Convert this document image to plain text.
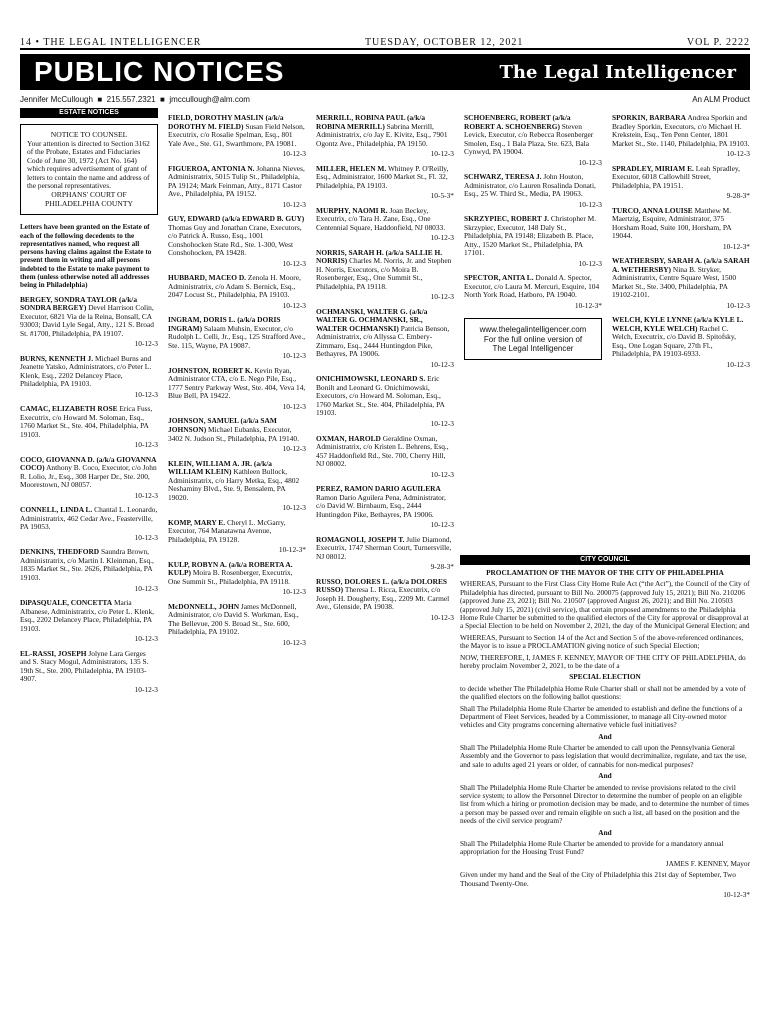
14 • THE LEGAL INTELLIGENCER	TUESDAY, OCTOBER 12, 2021	VOL P. 2222
PUBLIC NOTICES	The Legal Intelligencer
Jennifer McCullough  ■  215.557.2321  ■  jmccullough@alm.com	An ALM Product
ESTATE NOTICES
NOTICE TO COUNSEL
Your attention is directed to Section 3162 of the Probate, Estates and Fiduciaries Code of June 30, 1972 (Act No. 164) which requires advertisement of grant of letters to contain the name and address of the personal representatives.
ORPHANS' COURT OF PHILADELPHIA COUNTY
Letters have been granted on the Estate of each of the following decedents to the representatives named, who request all persons having claims against the Estate to present them in writing and all persons indebted to the Estate to make payment to them (unless otherwise noted all addresses being in Philadelphia)
BERGEY, SONDRA TAYLOR (a/k/a SONDRA BERGEY) Devel Harrison Colin, Executor, 6821 Via de la Reina, Bonsall, CA 93003; David Lyle Segal, Atty., 121 S. Broad St. #1700, Philadelphia, PA 19107.
10-12-3
BURNS, KENNETH J. Michael Burns and Jeanette Yatsko, Administrators, c/o Peter L. Klenk, Esq., 2202 Delancey Place, Philadelphia, PA 19103.
10-12-3
CAMAC, ELIZABETH ROSE Erica Fuss, Executrix, c/o Howard M. Soloman, Esq., 1760 Market St., Ste. 404, Philadelphia, PA 19103.
10-12-3
COCO, GIOVANNA D. (a/k/a GIOVANNA COCO) Anthony B. Coco, Executor, c/o John R. Lolio, Jr., Esq., 308 Harper Dr., Ste. 200, Moorestown, NJ 08057.
10-12-3
CONNELL, LINDA L. Chantal L. Leonardo, Administratrix, 462 Cedar Ave., Feasterville, PA 19053.
10-12-3
DENKINS, THEDFORD Saundra Brown, Administratrix, c/o Martin I. Kleinman, Esq., 1835 Market St., Ste. 2626, Philadelphia, PA 19103.
10-12-3
DiPASQUALE, CONCETTA Maria Albanese, Administratrix, c/o Peter L. Klenk, Esq., 2202 Delancey Place, Philadelphia, PA 19103.
10-12-3
EL-RASSI, JOSEPH Jolyne Lara Gerges and S. Stacy Mogul, Administrators, 135 S. 19th St., Ste. 200, Philadelphia, PA 19103-4907.
10-12-3
FIELD, DOROTHY MASLIN (a/k/a DOROTHY M. FIELD) Susan Field Nelson, Executrix, c/o Rosalie Spelman, Esq., 801 Yale Ave., Ste. G1, Swarthmore, PA 19081.
10-12-3
FIGUEROA, ANTONIA N. Johanna Nieves, Administratrix, 5015 Tulip St., Philadelphia, PA 19124; Mark Feinman, Atty., 8171 Castor Ave., Philadelphia, PA 19152.
10-12-3
GUY, EDWARD (a/k/a EDWARD B. GUY) Thomas Guy and Jonathan Crane, Executors, c/o Patrick A. Russo, Esq., 1001 Conshohocken State Rd., Ste. 1-300, West Conshohocken, PA 19428.
10-12-3
HUBBARD, MACEO D. Zenola H. Moore, Administratrix, c/o Adam S. Bernick, Esq., 2047 Locust St., Philadelphia, PA 19103.
10-12-3
INGRAM, DORIS L. (a/k/a DORIS INGRAM) Salaam Muhsin, Executor, c/o Rudolph L. Celli, Jr., Esq., 125 Strafford Ave., Ste. 115, Wayne, PA 19087.
10-12-3
JOHNSTON, ROBERT K. Kevin Ryan, Administrator CTA, c/o E. Nego Pile, Esq., 1777 Sentry Parkway West, Ste. 404, Veva 14, Blue Bell, PA 19422.
10-12-3
JOHNSON, SAMUEL (a/k/a SAM JOHNSON) Michael Eubanks, Executor, 3402 N. Judson St., Philadelphia, PA 19140.
10-12-3
KLEIN, WILLIAM A. JR. (a/k/a WILLIAM KLEIN) Kathleen Bullock, Administratrix, c/o Harry Metka, Esq., 4802 Neshaminy Blvd., Ste. 9, Bensalem, PA 19020.
10-12-3
KOMP, MARY E. Cheryl L. McGarry, Executor, 764 Manatawna Avenue, Philadelphia, PA 19128.
10-12-3*
KULP, ROBYN A. (a/k/a ROBERTA A. KULP) Moira B. Rosenberger, Executrix, One Summit St., Philadelphia, PA 19118.
10-12-3
McDONNELL, JOHN James McDonnell, Administrator, c/o David S. Workman, Esq., The Bellevue, 200 S. Broad St., Ste. 600, Philadelphia, PA 19102.
10-12-3
MERRILL, ROBINA PAUL (a/k/a ROBINA MERRILL) Sabrina Merrill, Administratrix, c/o Jay E. Kivitz, Esq., 7901 Ogontz Ave., Philadelphia, PA 19150.
10-12-3
MILLER, HELEN M. Whitney P. O'Reilly, Esq., Administrator, 1600 Market St., Fl. 32, Philadelphia, PA 19103.
10-5-3*
MURPHY, NAOMI R. Joan Beckey, Executrix, c/o Tara H. Zane, Esq., One Centennial Square, Haddonfield, NJ 08033.
10-12-3
NORRIS, SARAH H. (a/k/a SALLIE H. NORRIS) Charles M. Norris, Jr. and Stephen H. Norris, Executors, c/o Moira B. Rosenberger, Esq., One Summit St., Philadelphia, PA 19118.
10-12-3
OCHMANSKI, WALTER G. (a/k/a WALTER G. OCHMANSKI, SR., WALTER OCHMANSKI) Patricia Benson, Administratrix, c/o Allyssa C. Embery-Zimmaro, Esq., 2444 Huntingdon Pike, Bethayres, PA 19006.
10-12-3
ONICHIMOWSKI, LEONARD S. Eric Bonilt and Leonard G. Onichimowski, Executors, c/o Howard M. Soloman, Esq., 1760 Market St., Ste. 404, Philadelphia, PA 19103.
10-12-3
OXMAN, HAROLD Geraldine Oxman, Administratrix, c/o Kristen L. Behrens, Esq., 457 Haddonfield Rd., Ste. 700, Cherry Hill, NJ 08002.
10-12-3
PEREZ, RAMON DARIO AGUILERA Ramon Dario Aguilera Pena, Administrator, c/o David W. Birnbaum, Esq., 2444 Huntingdon Pike, Bethayres, PA 19006.
10-12-3
ROMAGNOLI, JOSEPH T. Julie Diamond, Executrix, 1747 Sherman Court, Turnersville, NJ 08012.
9-28-3*
RUSSO, DOLORES L. (a/k/a DOLORES RUSSO) Theresa L. Ricca, Executrix, c/o Joseph H. Dougherty, Esq., 2209 Mt. Carmel Ave., Glenside, PA 19038.
10-12-3
SCHOENBERG, ROBERT (a/k/a ROBERT A. SCHOENBERG) Steven Levick, Executor, c/o Rebecca Rosenberger Smolen, Esq., 1 Bala Plaza, Ste. 623, Bala Cynwyd, PA 19004.
10-12-3
SCHWARZ, TERESA J. John Houton, Administrator, c/o Lauren Rosalinda Donati, Esq., 25 W. Third St., Media, PA 19063.
10-12-3
SKRZYPIEC, ROBERT J. Christopher M. Skrzypiec, Executor, 148 Daly St., Philadelphia, PA 19148; Elizabeth B. Place, Atty., 1520 Market St., Philadelphia, PA 17101.
10-12-3
SPECTOR, ANITA L. Donald A. Spector, Executor, c/o Laura M. Mercuri, Esquire, 104 North York Road, Hatboro, PA 19040.
10-12-3*
www.thelegalintelligencer.com
For the full online version of
The Legal Intelligencer
SPORKIN, BARBARA Andrea Sporkin and Bradley Sporkin, Executors, c/o Michael H. Krekstein, Esq., Ten Penn Center, 1801 Market St., Ste. 1140, Philadelphia, PA 19103.
10-12-3
SPRADLEY, MIRIAM E. Leah Spradley, Executor, 6018 Callowhill Street, Philadelphia, PA 19151.
9-28-3*
TURCO, ANNA LOUISE Matthew M. Maertzig, Esquire, Administrator, 375 Horsham Road, Suite 100, Horsham, PA 19044.
10-12-3*
WEATHERSBY, SARAH A. (a/k/a SARAH A. WETHERSBY) Nina B. Stryker, Administratrix, Centre Square West, 1500 Market St., Ste. 3400, Philadelphia, PA 19102-2101.
10-12-3
WELCH, KYLE LYNNE (a/k/a KYLE L. WELCH, KYLE WELCH) Rachel C. Welch, Executrix, c/o David B. Spitofsky, Esq., One Logan Square, 27th Fl., Philadelphia, PA 19103-6933.
10-12-3
CITY COUNCIL
PROCLAMATION OF THE MAYOR OF THE CITY OF PHILADELPHIA

WHEREAS, Pursuant to the First Class City Home Rule Act (“the Act”), the Council of the City of Philadelphia has directed, pursuant to Bill No. 200075 (approved July 15, 2021); Bill No. 210206 (approved June 23, 2021); Bill No. 210507 (approved August 26, 2021); and Bill No. 210503 (approved July 15, 2021) (civil service), that certain proposed amendments to the Philadelphia Home Rule Charter be submitted to the qualified electors of the City for approval or disapproval at a Special Election to be held on November 2, 2021, the day of the Municipal General Election; and

WHEREAS, Pursuant to Section 14 of the Act and Section 5 of the above-referenced ordinances, the Mayor is to issue a PROCLAMATION giving notice of such Special Election;

NOW, THEREFORE, I, JAMES F. KENNEY, MAYOR OF THE CITY OF PHILADELPHIA, do hereby proclaim November 2, 2021, to be the date of a

SPECIAL ELECTION

to decide whether The Philadelphia Home Rule Charter shall or shall not be amended by a vote of the qualified electors on the following ballot questions:

Shall The Philadelphia Home Rule Charter be amended to establish and define the functions of a Department of Fleet Services, headed by a Commissioner, to manage all City-owned motor vehicles and City programs concerning alternative vehicle fuel initiatives?

And

Shall The Philadelphia Home Rule Charter be amended to call upon the Pennsylvania General Assembly and the Governor to pass legislation that would decriminalize, regulate, and tax the use, and sale to adults aged 21 years or older, of cannabis for non-medical purposes?

And

Shall The Philadelphia Home Rule Charter be amended to revise provisions related to the civil service system; to allow the Personnel Director to determine the number of people on an eligible list from which a hiring or promotion decision may be made, and to determine the number of times a person may be passed over and remain eligible on such a list, all based on the position and the needs of the civil service program?

And

Shall The Philadelphia Home Rule Charter be amended to provide for a mandatory annual appropriation for the Housing Trust Fund?

JAMES F. KENNEY, Mayor

Given under my hand and the Seal of the City of Philadelphia this 21st day of September, Two Thousand Twenty-One.

10-12-3*
